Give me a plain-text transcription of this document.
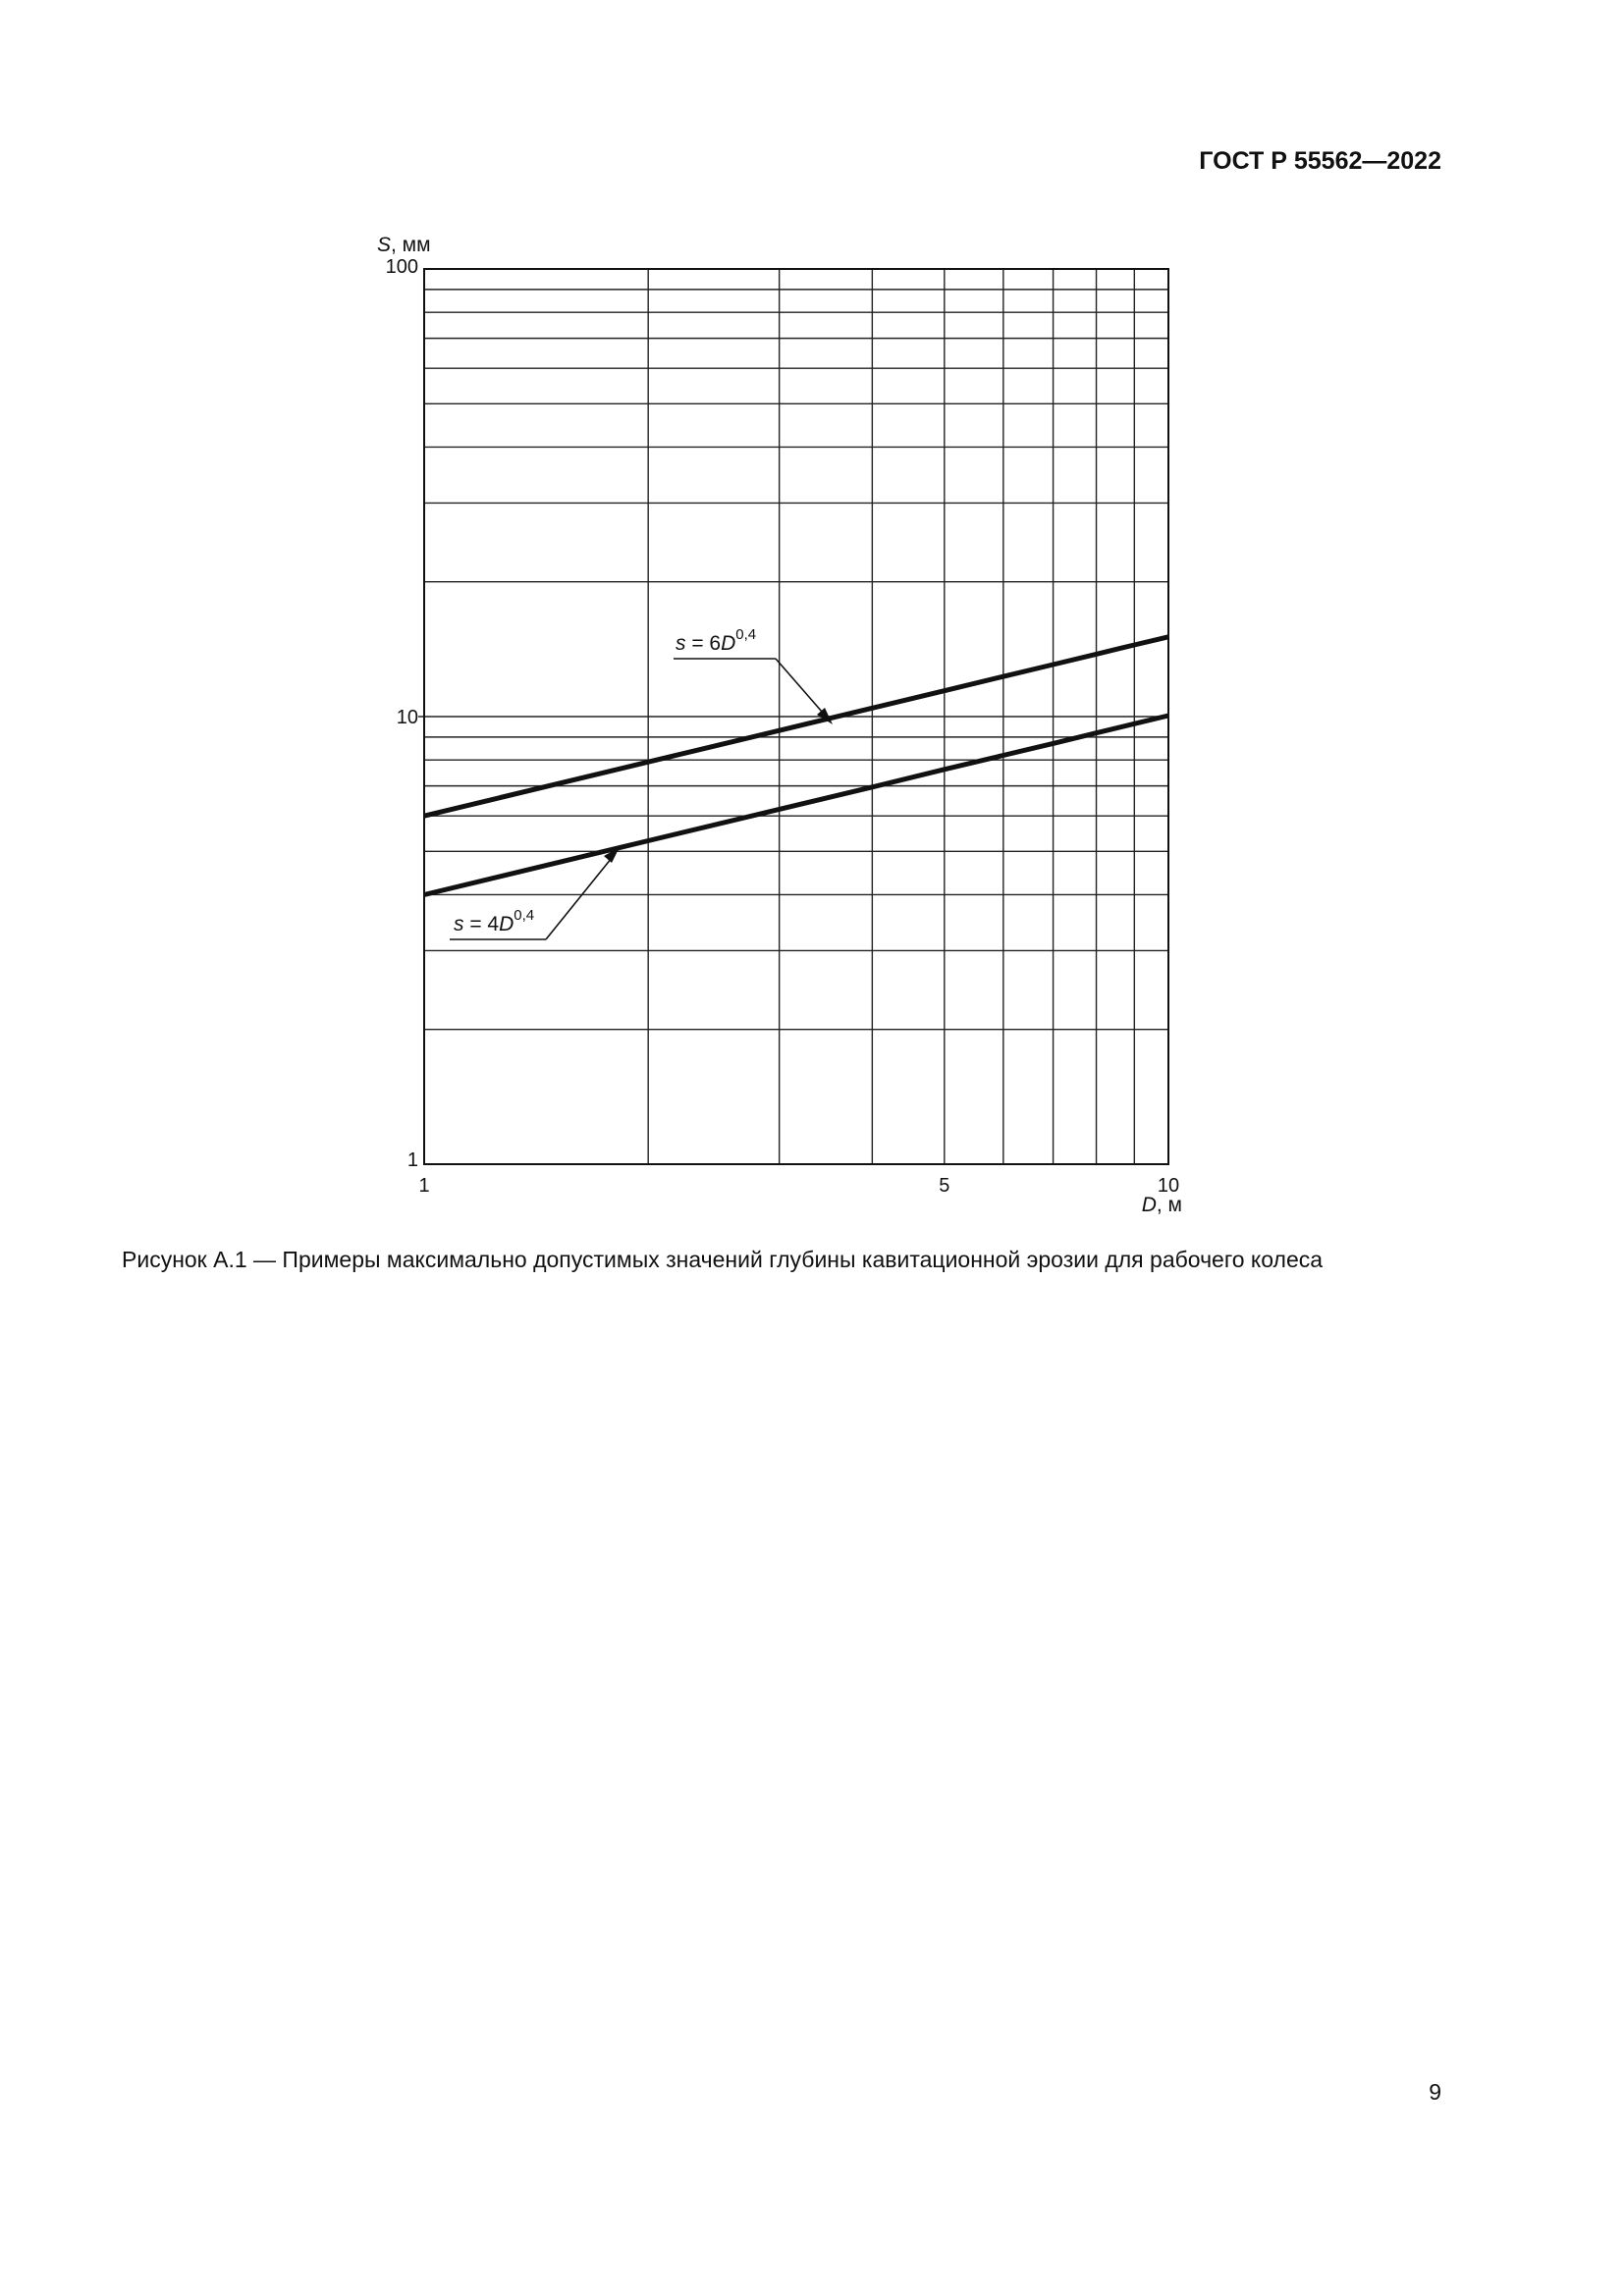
ГОСТ Р 55562—2022
1	5	10
1
10
100
S, мм
D, м
$s = 6D^{0,4}$
$s = 4D^{0,4}$
Рисунок А.1 — Примеры максимально допустимых значений глубины кавитационной эрозии для рабочего колеса
9
